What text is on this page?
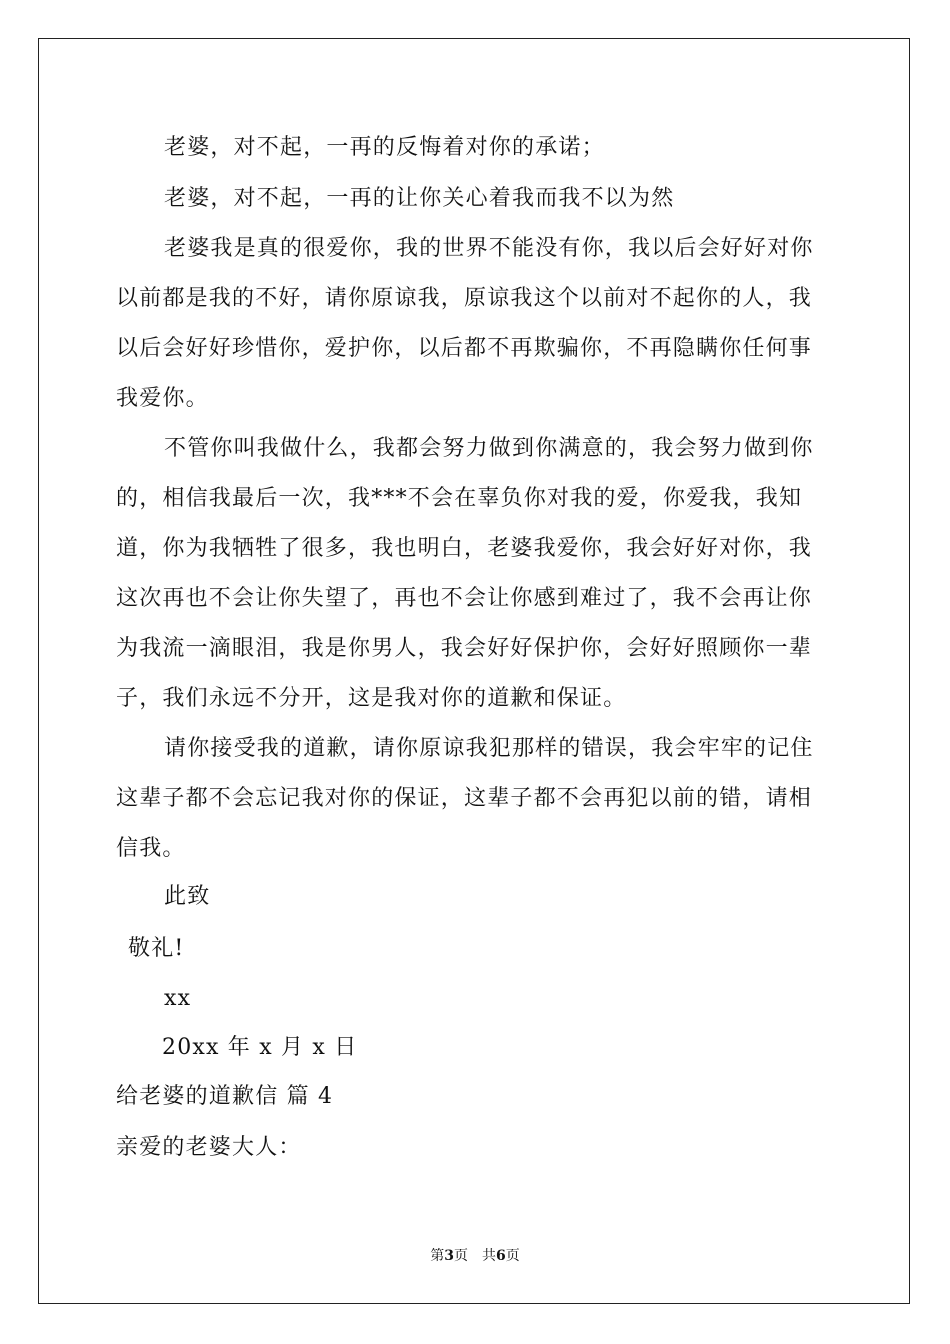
老婆，对不起，一再的反悔着对你的承诺；
老婆，对不起，一再的让你关心着我而我不以为然
老婆我是真的很爱你，我的世界不能没有你，我以后会好好对你
以前都是我的不好，请你原谅我，原谅我这个以前对不起你的人，我
以后会好好珍惜你，爱护你，以后都不再欺骗你，不再隐瞒你任何事
我爱你。
不管你叫我做什么，我都会努力做到你满意的，我会努力做到你
的，相信我最后一次，我***不会在辜负你对我的爱，你爱我，我知
道，你为我牺牲了很多，我也明白，老婆我爱你，我会好好对你，我
这次再也不会让你失望了，再也不会让你感到难过了，我不会再让你
为我流一滴眼泪，我是你男人，我会好好保护你，会好好照顾你一辈
子，我们永远不分开，这是我对你的道歉和保证。
请你接受我的道歉，请你原谅我犯那样的错误，我会牢牢的记住
这辈子都不会忘记我对你的保证，这辈子都不会再犯以前的错，请相
信我。
此致
敬礼!
xx
20xx 年 x 月 x 日
给老婆的道歉信 篇 4
亲爱的老婆大人：
第3页　共6页
